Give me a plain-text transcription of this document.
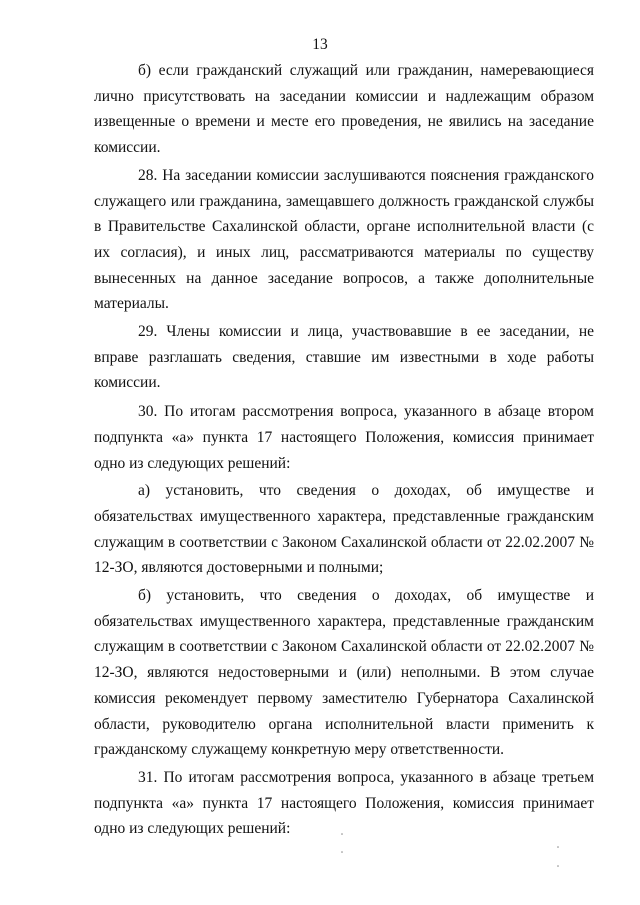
13

б) если гражданский служащий или гражданин, намеревающиеся лично присутствовать на заседании комиссии и надлежащим образом извещенные о времени и месте его проведения, не явились на заседание комиссии.

28. На заседании комиссии заслушиваются пояснения гражданского служащего или гражданина, замещавшего должность гражданской службы в Правительстве Сахалинской области, органе исполнительной власти (с их согласия), и иных лиц, рассматриваются материалы по существу вынесенных на данное заседание вопросов, а также дополнительные материалы.

29. Члены комиссии и лица, участвовавшие в ее заседании, не вправе разглашать сведения, ставшие им известными в ходе работы комиссии.

30. По итогам рассмотрения вопроса, указанного в абзаце втором подпункта «а» пункта 17 настоящего Положения, комиссия принимает одно из следующих решений:

а) установить, что сведения о доходах, об имуществе и обязательствах имущественного характера, представленные гражданским служащим в соответствии с Законом Сахалинской области от 22.02.2007 № 12-ЗО, являются достоверными и полными;

б) установить, что сведения о доходах, об имуществе и обязательствах имущественного характера, представленные гражданским служащим в соответствии с Законом Сахалинской области от 22.02.2007 № 12-ЗО, являются недостоверными и (или) неполными. В этом случае комиссия рекомендует первому заместителю Губернатора Сахалинской области, руководителю органа исполнительной власти применить к гражданскому служащему конкретную меру ответственности.

31. По итогам рассмотрения вопроса, указанного в абзаце третьем подпункта «а» пункта 17 настоящего Положения, комиссия принимает одно из следующих решений:
